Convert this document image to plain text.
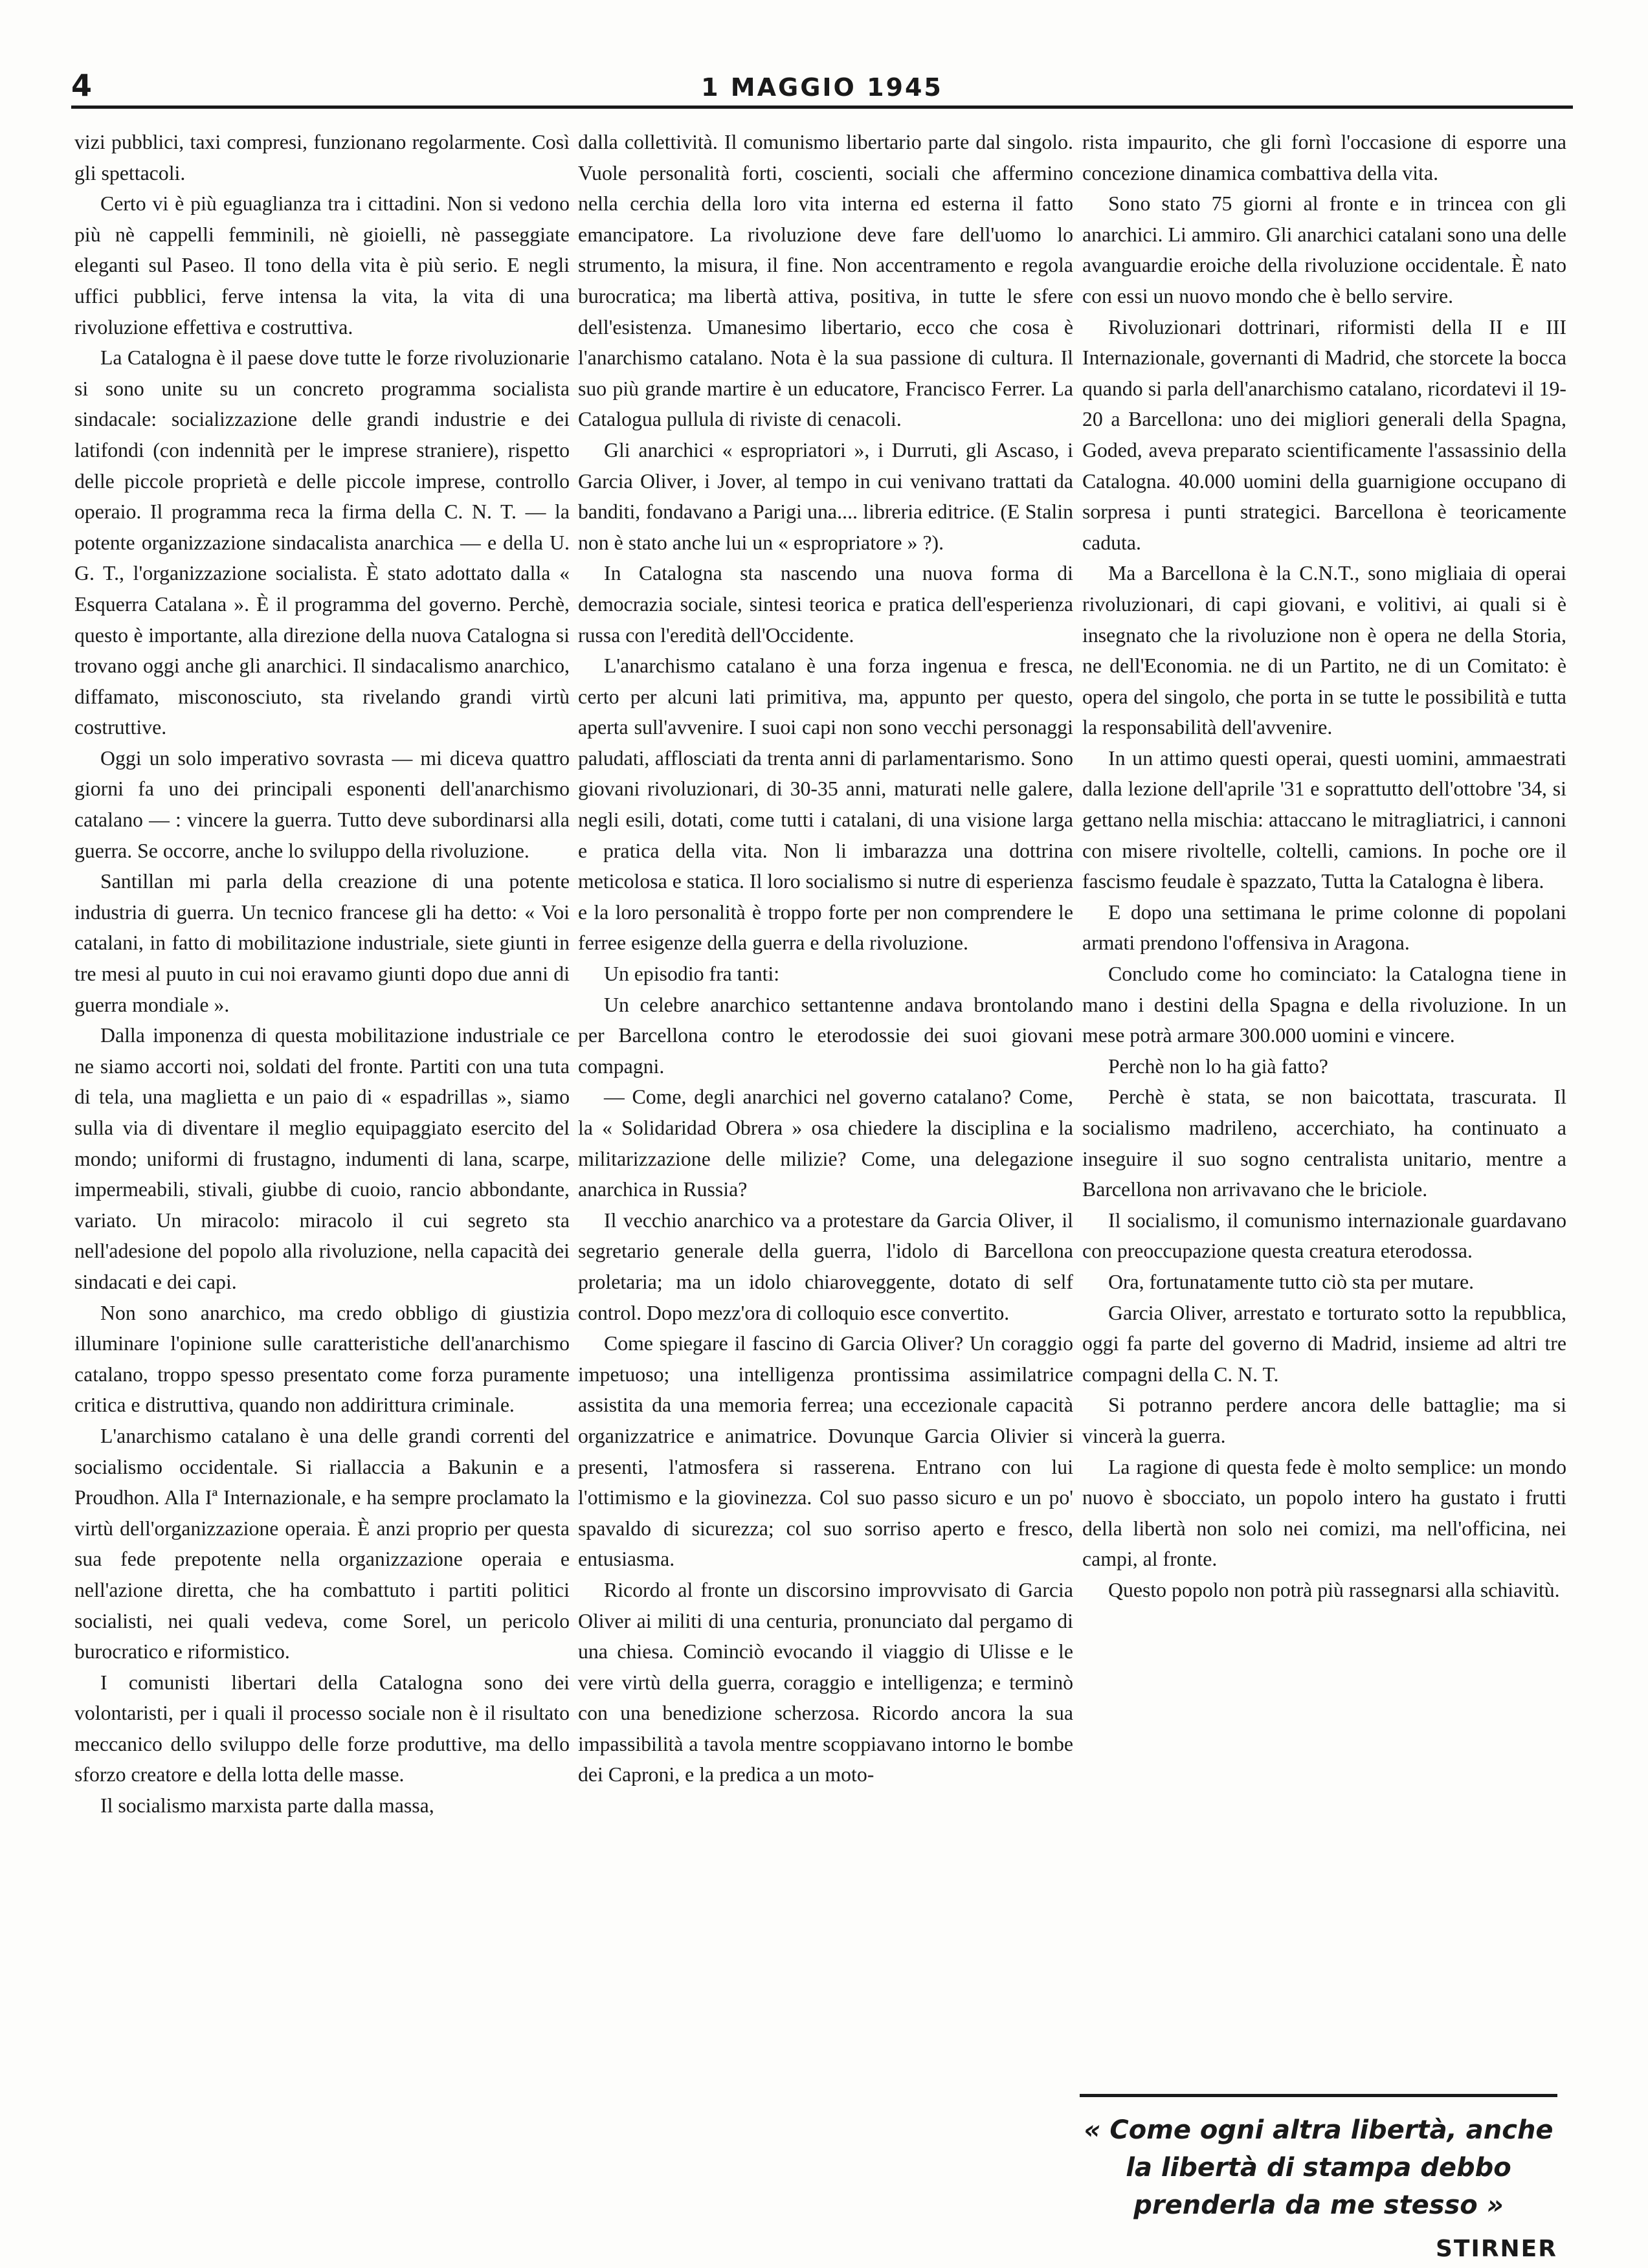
4	1 MAGGIO 1945

vizi pubblici, taxi compresi, funzionano regolarmente. Così gli spettacoli.

Certo vi è più eguaglianza tra i cittadini. Non si vedono più nè cappelli femminili, nè gioielli, nè passeggiate eleganti sul Paseo. Il tono della vita è più serio. E negli uffici pubblici, ferve intensa la vita, la vita di una rivoluzione effettiva e costruttiva.

La Catalogna è il paese dove tutte le forze rivoluzionarie si sono unite su un concreto programma socialista sindacale: socializzazione delle grandi industrie e dei latifondi (con indennità per le imprese straniere), rispetto delle piccole proprietà e delle piccole imprese, controllo operaio. Il programma reca la firma della C. N. T. — la potente organizzazione sindacalista anarchica — e della U. G. T., l'organizzazione socialista. È stato adottato dalla « Esquerra Catalana ». È il programma del governo. Perchè, questo è importante, alla direzione della nuova Catalogna si trovano oggi anche gli anarchici. Il sindacalismo anarchico, diffamato, misconosciuto, sta rivelando grandi virtù costruttive.

Oggi un solo imperativo sovrasta — mi diceva quattro giorni fa uno dei principali esponenti dell'anarchismo catalano — : vincere la guerra. Tutto deve subordinarsi alla guerra. Se occorre, anche lo sviluppo della rivoluzione.

Santillan mi parla della creazione di una potente industria di guerra. Un tecnico francese gli ha detto: « Voi catalani, in fatto di mobilitazione industriale, siete giunti in tre mesi al puuto in cui noi eravamo giunti dopo due anni di guerra mondiale ».

Dalla imponenza di questa mobilitazione industriale ce ne siamo accorti noi, soldati del fronte. Partiti con una tuta di tela, una maglietta e un paio di « espadrillas », siamo sulla via di diventare il meglio equipaggiato esercito del mondo; uniformi di frustagno, indumenti di lana, scarpe, impermeabili, stivali, giubbe di cuoio, rancio abbondante, variato. Un miracolo: miracolo il cui segreto sta nell'adesione del popolo alla rivoluzione, nella capacità dei sindacati e dei capi.

Non sono anarchico, ma credo obbligo di giustizia illuminare l'opinione sulle caratteristiche dell'anarchismo catalano, troppo spesso presentato come forza puramente critica e distruttiva, quando non addirittura criminale.

L'anarchismo catalano è una delle grandi correnti del socialismo occidentale. Si riallaccia a Bakunin e a Proudhon. Alla Iª Internazionale, e ha sempre proclamato la virtù dell'organizzazione operaia. È anzi proprio per questa sua fede prepotente nella organizzazione operaia e nell'azione diretta, che ha combattuto i partiti politici socialisti, nei quali vedeva, come Sorel, un pericolo burocratico e riformistico.

I comunisti libertari della Catalogna sono dei volontaristi, per i quali il processo sociale non è il risultato meccanico dello sviluppo delle forze produttive, ma dello sforzo creatore e della lotta delle masse.

Il socialismo marxista parte dalla massa,

dalla collettività. Il comunismo libertario parte dal singolo. Vuole personalità forti, coscienti, sociali che affermino nella cerchia della loro vita interna ed esterna il fatto emancipatore. La rivoluzione deve fare dell'uomo lo strumento, la misura, il fine. Non accentramento e regola burocratica; ma libertà attiva, positiva, in tutte le sfere dell'esistenza. Umanesimo libertario, ecco che cosa è l'anarchismo catalano. Nota è la sua passione di cultura. Il suo più grande martire è un educatore, Francisco Ferrer. La Catalogua pullula di riviste di cenacoli.

Gli anarchici « espropriatori », i Durruti, gli Ascaso, i Garcia Oliver, i Jover, al tempo in cui venivano trattati da banditi, fondavano a Parigi una.... libreria editrice. (E Stalin non è stato anche lui un « espropriatore » ?).

In Catalogna sta nascendo una nuova forma di democrazia sociale, sintesi teorica e pratica dell'esperienza russa con l'eredità dell'Occidente.

L'anarchismo catalano è una forza ingenua e fresca, certo per alcuni lati primitiva, ma, appunto per questo, aperta sull'avvenire. I suoi capi non sono vecchi personaggi paludati, afflosciati da trenta anni di parlamentarismo. Sono giovani rivoluzionari, di 30-35 anni, maturati nelle galere, negli esili, dotati, come tutti i catalani, di una visione larga e pratica della vita. Non li imbarazza una dottrina meticolosa e statica. Il loro socialismo si nutre di esperienza e la loro personalità è troppo forte per non comprendere le ferree esigenze della guerra e della rivoluzione.

Un episodio fra tanti:

Un celebre anarchico settantenne andava brontolando per Barcellona contro le eterodossie dei suoi giovani compagni.

— Come, degli anarchici nel governo catalano? Come, la « Solidaridad Obrera » osa chiedere la disciplina e la militarizzazione delle milizie? Come, una delegazione anarchica in Russia?

Il vecchio anarchico va a protestare da Garcia Oliver, il segretario generale della guerra, l'idolo di Barcellona proletaria; ma un idolo chiaroveggente, dotato di self control. Dopo mezz'ora di colloquio esce convertito.

Come spiegare il fascino di Garcia Oliver? Un coraggio impetuoso; una intelligenza prontissima assimilatrice assistita da una memoria ferrea; una eccezionale capacità organizzatrice e animatrice. Dovunque Garcia Olivier si presenti, l'atmosfera si rasserena. Entrano con lui l'ottimismo e la giovinezza. Col suo passo sicuro e un po' spavaldo di sicurezza; col suo sorriso aperto e fresco, entusiasma.

Ricordo al fronte un discorsino improvvisato di Garcia Oliver ai militi di una centuria, pronunciato dal pergamo di una chiesa. Cominciò evocando il viaggio di Ulisse e le vere virtù della guerra, coraggio e intelligenza; e terminò con una benedizione scherzosa. Ricordo ancora la sua impassibilità a tavola mentre scoppiavano intorno le bombe dei Caproni, e la predica a un moto-

rista impaurito, che gli fornì l'occasione di esporre una concezione dinamica combattiva della vita.

Sono stato 75 giorni al fronte e in trincea con gli anarchici. Li ammiro. Gli anarchici catalani sono una delle avanguardie eroiche della rivoluzione occidentale. È nato con essi un nuovo mondo che è bello servire.

Rivoluzionari dottrinari, riformisti della II e III Internazionale, governanti di Madrid, che storcete la bocca quando si parla dell'anarchismo catalano, ricordatevi il 19-20 a Barcellona: uno dei migliori generali della Spagna, Goded, aveva preparato scientificamente l'assassinio della Catalogna. 40.000 uomini della guarnigione occupano di sorpresa i punti strategici. Barcellona è teoricamente caduta.

Ma a Barcellona è la C.N.T., sono migliaia di operai rivoluzionari, di capi giovani, e volitivi, ai quali si è insegnato che la rivoluzione non è opera ne della Storia, ne dell'Economia. ne di un Partito, ne di un Comitato: è opera del singolo, che porta in se tutte le possibilità e tutta la responsabilità dell'avvenire.

In un attimo questi operai, questi uomini, ammaestrati dalla lezione dell'aprile '31 e soprattutto dell'ottobre '34, si gettano nella mischia: attaccano le mitragliatrici, i cannoni con misere rivoltelle, coltelli, camions. In poche ore il fascismo feudale è spazzato, Tutta la Catalogna è libera.

E dopo una settimana le prime colonne di popolani armati prendono l'offensiva in Aragona.

Concludo come ho cominciato: la Catalogna tiene in mano i destini della Spagna e della rivoluzione. In un mese potrà armare 300.000 uomini e vincere.

Perchè non lo ha già fatto?

Perchè è stata, se non baicottata, trascurata. Il socialismo madrileno, accerchiato, ha continuato a inseguire il suo sogno centralista unitario, mentre a Barcellona non arrivavano che le briciole.

Il socialismo, il comunismo internazionale guardavano con preoccupazione questa creatura eterodossa.

Ora, fortunatamente tutto ciò sta per mutare.

Garcia Oliver, arrestato e torturato sotto la repubblica, oggi fa parte del governo di Madrid, insieme ad altri tre compagni della C. N. T.

Si potranno perdere ancora delle battaglie; ma si vincerà la guerra.

La ragione di questa fede è molto semplice: un mondo nuovo è sbocciato, un popolo intero ha gustato i frutti della libertà non solo nei comizi, ma nell'officina, nei campi, al fronte.

Questo popolo non potrà più rassegnarsi alla schiavitù.

« Come ogni altra libertà, anche la libertà di stampa debbo prenderla da me stesso »
STIRNER
